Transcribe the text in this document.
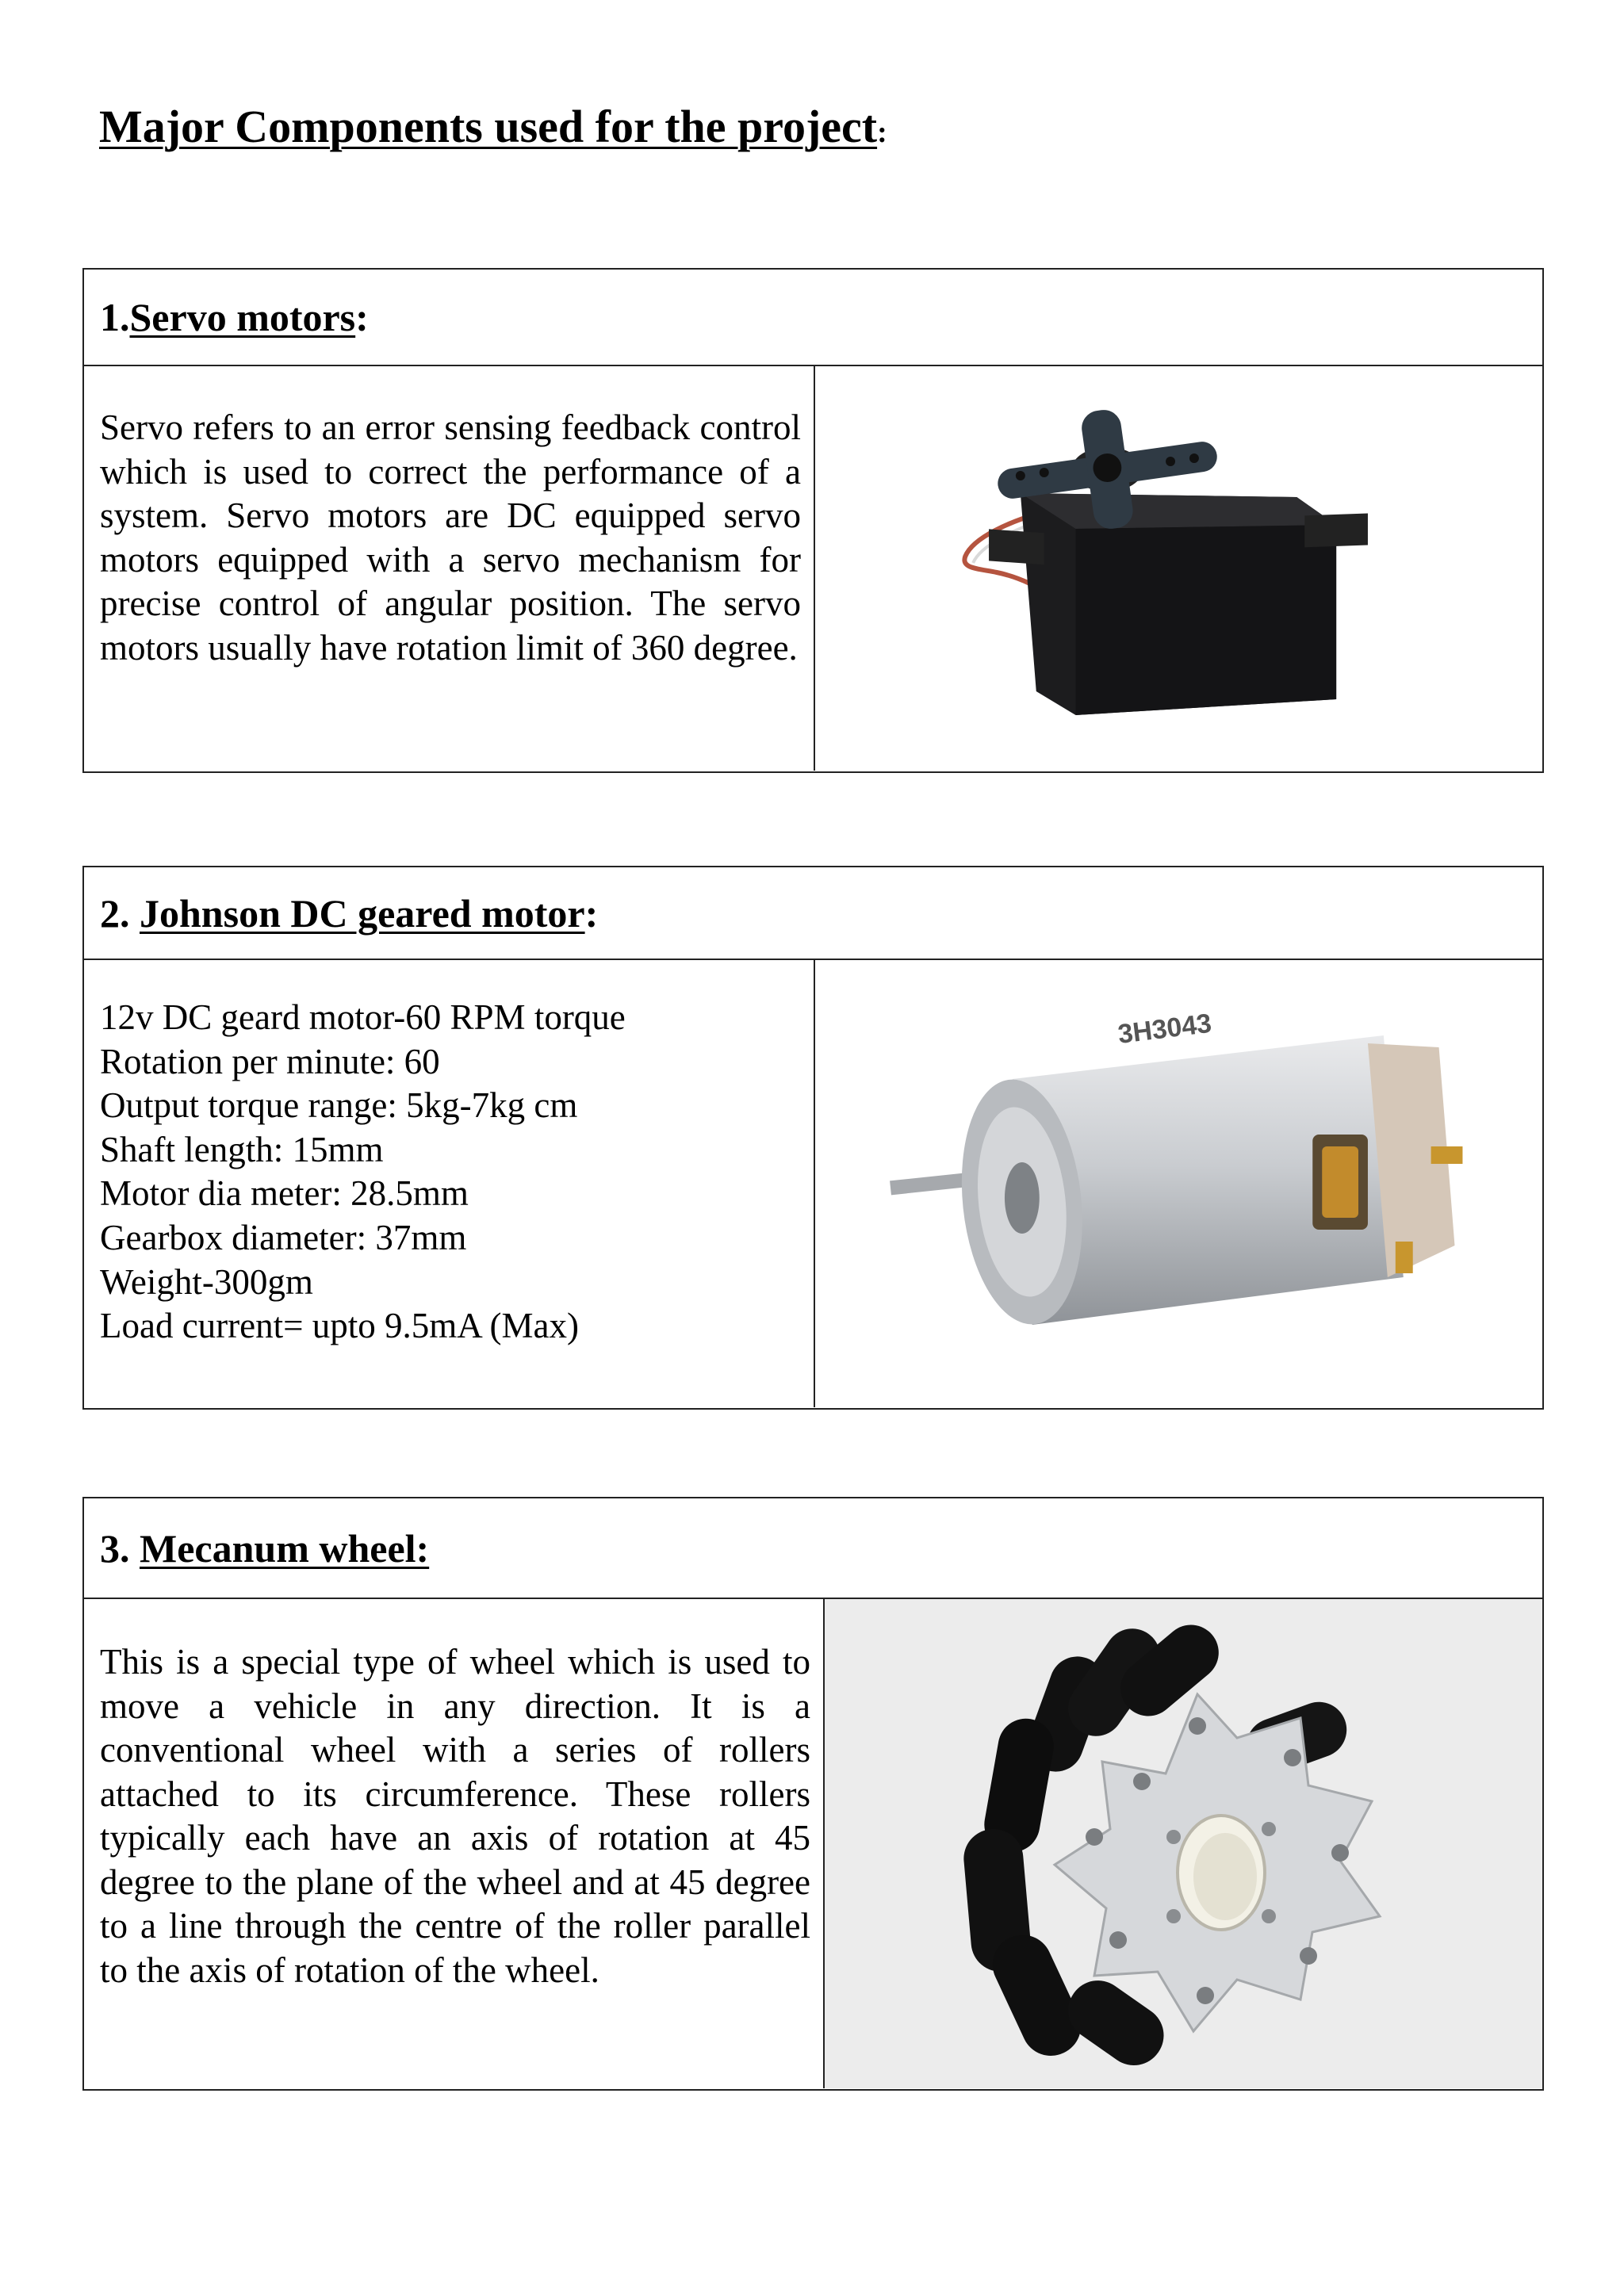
Major Components used for the project:
1. Servo motors :

Servo refers to an error sensing feedback control which is used to correct the performance of a system. Servo motors are DC equipped servo motors equipped with a servo mechanism for precise control of angular position. The servo motors usually have rotation limit of 360 degree.

2.
Johnson DC geared motor :

12v DC geard motor-60 RPM torque

Rotation per minute: 60

Output torque range: 5kg-7kg cm

Shaft length: 15mm

Motor dia meter: 28.5mm

Gearbox diameter: 37mm

Weight-300gm

Load current= upto 9.5mA (Max)

3H3043
3.
Mecanum wheel:

This is a special type of wheel which is used to move a vehicle in any direction. It is a conventional wheel with a series of rollers attached to its circumference. These rollers typically each have an axis of rotation at 45 degree to the plane of the wheel and at 45 degree to a line through the centre of the roller parallel to the axis of rotation of the wheel.
